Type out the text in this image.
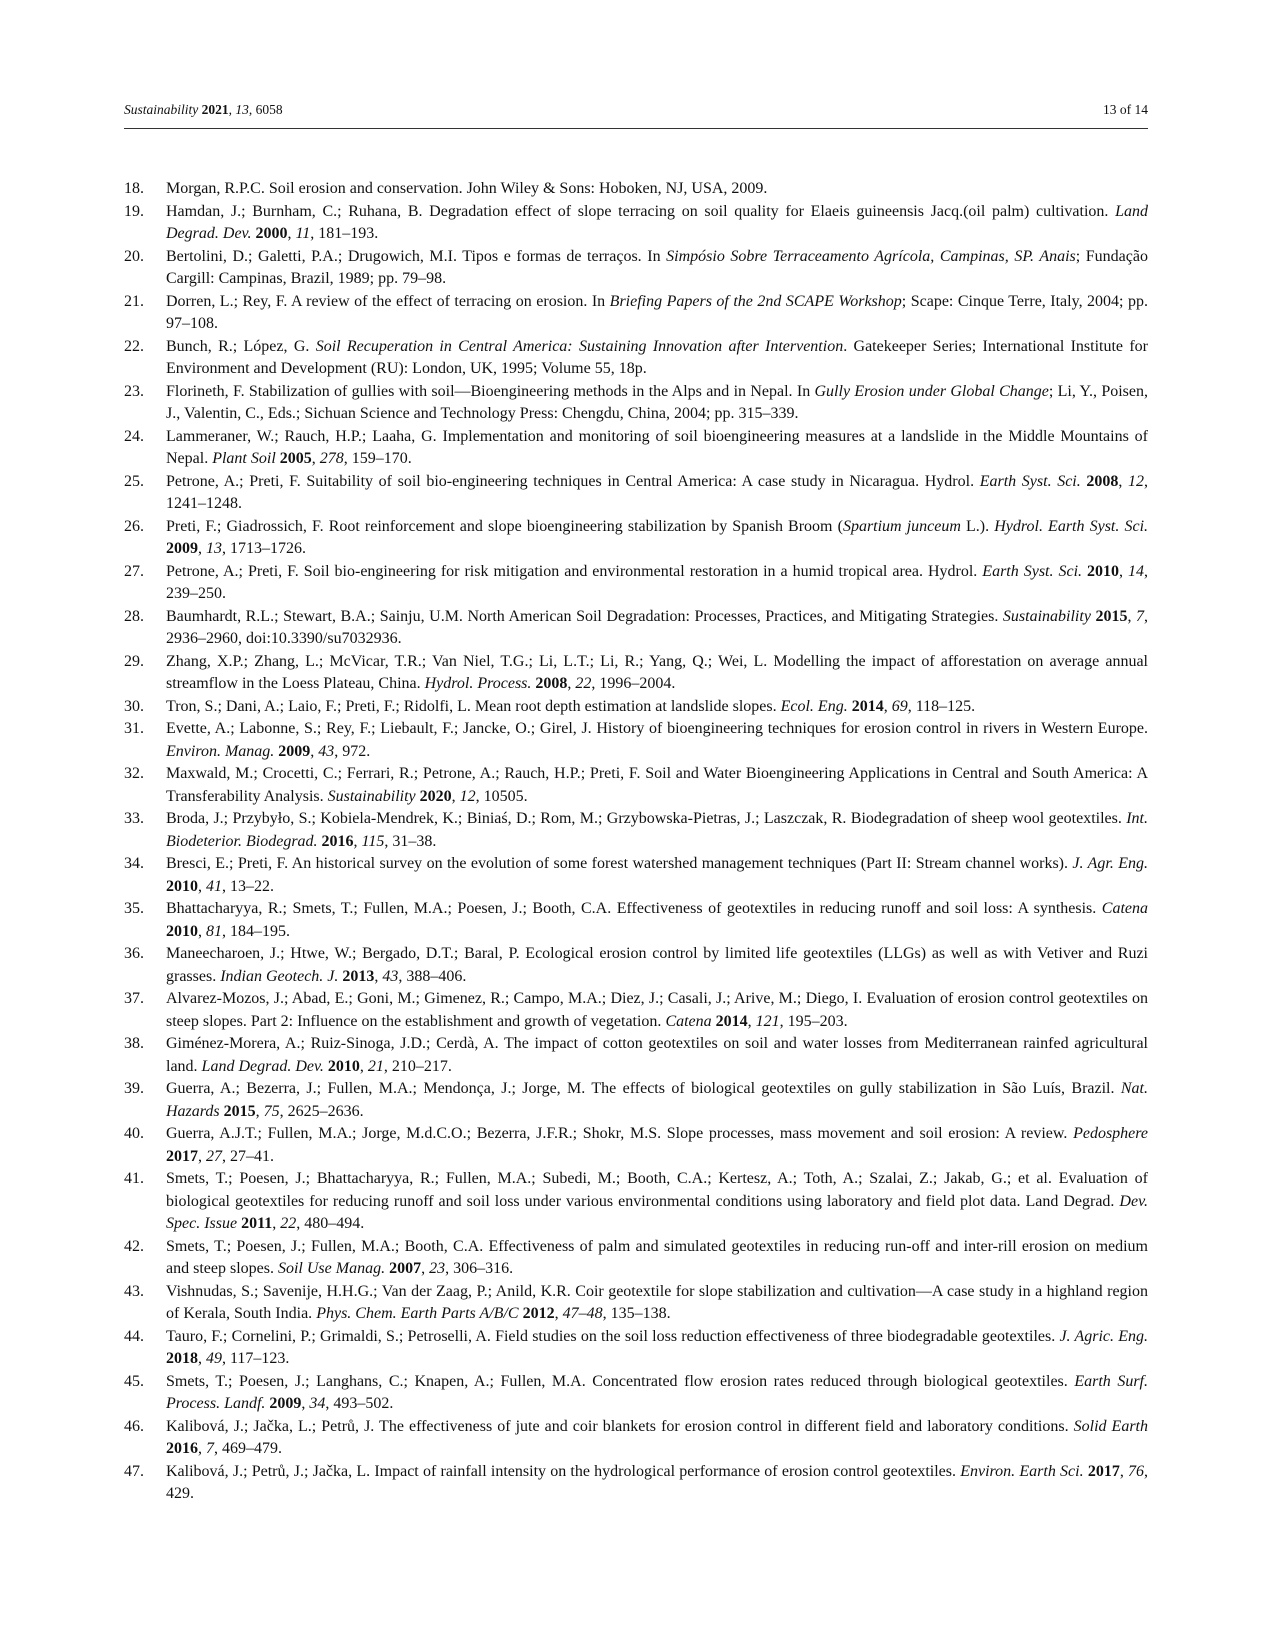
Sustainability 2021, 13, 6058	13 of 14
18.	Morgan, R.P.C. Soil erosion and conservation. John Wiley & Sons: Hoboken, NJ, USA, 2009.
19.	Hamdan, J.; Burnham, C.; Ruhana, B. Degradation effect of slope terracing on soil quality for Elaeis guineensis Jacq.(oil palm) cultivation. Land Degrad. Dev. 2000, 11, 181–193.
20.	Bertolini, D.; Galetti, P.A.; Drugowich, M.I. Tipos e formas de terraços. In Simpósio Sobre Terraceamento Agrícola, Campinas, SP. Anais; Fundação Cargill: Campinas, Brazil, 1989; pp. 79–98.
21.	Dorren, L.; Rey, F. A review of the effect of terracing on erosion. In Briefing Papers of the 2nd SCAPE Workshop; Scape: Cinque Terre, Italy, 2004; pp. 97–108.
22.	Bunch, R.; López, G. Soil Recuperation in Central America: Sustaining Innovation after Intervention. Gatekeeper Series; International Institute for Environment and Development (RU): London, UK, 1995; Volume 55, 18p.
23.	Florineth, F. Stabilization of gullies with soil—Bioengineering methods in the Alps and in Nepal. In Gully Erosion under Global Change; Li, Y., Poisen, J., Valentin, C., Eds.; Sichuan Science and Technology Press: Chengdu, China, 2004; pp. 315–339.
24.	Lammeraner, W.; Rauch, H.P.; Laaha, G. Implementation and monitoring of soil bioengineering measures at a landslide in the Middle Mountains of Nepal. Plant Soil 2005, 278, 159–170.
25.	Petrone, A.; Preti, F. Suitability of soil bio-engineering techniques in Central America: A case study in Nicaragua. Hydrol. Earth Syst. Sci. 2008, 12, 1241–1248.
26.	Preti, F.; Giadrossich, F. Root reinforcement and slope bioengineering stabilization by Spanish Broom (Spartium junceum L.). Hydrol. Earth Syst. Sci. 2009, 13, 1713–1726.
27.	Petrone, A.; Preti, F. Soil bio-engineering for risk mitigation and environmental restoration in a humid tropical area. Hydrol. Earth Syst. Sci. 2010, 14, 239–250.
28.	Baumhardt, R.L.; Stewart, B.A.; Sainju, U.M. North American Soil Degradation: Processes, Practices, and Mitigating Strategies. Sustainability 2015, 7, 2936–2960, doi:10.3390/su7032936.
29.	Zhang, X.P.; Zhang, L.; McVicar, T.R.; Van Niel, T.G.; Li, L.T.; Li, R.; Yang, Q.; Wei, L. Modelling the impact of afforestation on average annual streamflow in the Loess Plateau, China. Hydrol. Process. 2008, 22, 1996–2004.
30.	Tron, S.; Dani, A.; Laio, F.; Preti, F.; Ridolfi, L. Mean root depth estimation at landslide slopes. Ecol. Eng. 2014, 69, 118–125.
31.	Evette, A.; Labonne, S.; Rey, F.; Liebault, F.; Jancke, O.; Girel, J. History of bioengineering techniques for erosion control in rivers in Western Europe. Environ. Manag. 2009, 43, 972.
32.	Maxwald, M.; Crocetti, C.; Ferrari, R.; Petrone, A.; Rauch, H.P.; Preti, F. Soil and Water Bioengineering Applications in Central and South America: A Transferability Analysis. Sustainability 2020, 12, 10505.
33.	Broda, J.; Przybyło, S.; Kobiela-Mendrek, K.; Biniaś, D.; Rom, M.; Grzybowska-Pietras, J.; Laszczak, R. Biodegradation of sheep wool geotextiles. Int. Biodeterior. Biodegrad. 2016, 115, 31–38.
34.	Bresci, E.; Preti, F. An historical survey on the evolution of some forest watershed management techniques (Part II: Stream channel works). J. Agr. Eng. 2010, 41, 13–22.
35.	Bhattacharyya, R.; Smets, T.; Fullen, M.A.; Poesen, J.; Booth, C.A. Effectiveness of geotextiles in reducing runoff and soil loss: A synthesis. Catena 2010, 81, 184–195.
36.	Maneecharoen, J.; Htwe, W.; Bergado, D.T.; Baral, P. Ecological erosion control by limited life geotextiles (LLGs) as well as with Vetiver and Ruzi grasses. Indian Geotech. J. 2013, 43, 388–406.
37.	Alvarez-Mozos, J.; Abad, E.; Goni, M.; Gimenez, R.; Campo, M.A.; Diez, J.; Casali, J.; Arive, M.; Diego, I. Evaluation of erosion control geotextiles on steep slopes. Part 2: Influence on the establishment and growth of vegetation. Catena 2014, 121, 195–203.
38.	Giménez-Morera, A.; Ruiz-Sinoga, J.D.; Cerdà, A. The impact of cotton geotextiles on soil and water losses from Mediterranean rainfed agricultural land. Land Degrad. Dev. 2010, 21, 210–217.
39.	Guerra, A.; Bezerra, J.; Fullen, M.A.; Mendonça, J.; Jorge, M. The effects of biological geotextiles on gully stabilization in São Luís, Brazil. Nat. Hazards 2015, 75, 2625–2636.
40.	Guerra, A.J.T.; Fullen, M.A.; Jorge, M.d.C.O.; Bezerra, J.F.R.; Shokr, M.S. Slope processes, mass movement and soil erosion: A review. Pedosphere 2017, 27, 27–41.
41.	Smets, T.; Poesen, J.; Bhattacharyya, R.; Fullen, M.A.; Subedi, M.; Booth, C.A.; Kertesz, A.; Toth, A.; Szalai, Z.; Jakab, G.; et al. Evaluation of biological geotextiles for reducing runoff and soil loss under various environmental conditions using laboratory and field plot data. Land Degrad. Dev. Spec. Issue 2011, 22, 480–494.
42.	Smets, T.; Poesen, J.; Fullen, M.A.; Booth, C.A. Effectiveness of palm and simulated geotextiles in reducing run-off and inter-rill erosion on medium and steep slopes. Soil Use Manag. 2007, 23, 306–316.
43.	Vishnudas, S.; Savenije, H.H.G.; Van der Zaag, P.; Anild, K.R. Coir geotextile for slope stabilization and cultivation—A case study in a highland region of Kerala, South India. Phys. Chem. Earth Parts A/B/C 2012, 47–48, 135–138.
44.	Tauro, F.; Cornelini, P.; Grimaldi, S.; Petroselli, A. Field studies on the soil loss reduction effectiveness of three biodegradable geotextiles. J. Agric. Eng. 2018, 49, 117–123.
45.	Smets, T.; Poesen, J.; Langhans, C.; Knapen, A.; Fullen, M.A. Concentrated flow erosion rates reduced through biological geotextiles. Earth Surf. Process. Landf. 2009, 34, 493–502.
46.	Kalibová, J.; Jačka, L.; Petrů, J. The effectiveness of jute and coir blankets for erosion control in different field and laboratory conditions. Solid Earth 2016, 7, 469–479.
47.	Kalibová, J.; Petrů, J.; Jačka, L. Impact of rainfall intensity on the hydrological performance of erosion control geotextiles. Environ. Earth Sci. 2017, 76, 429.
